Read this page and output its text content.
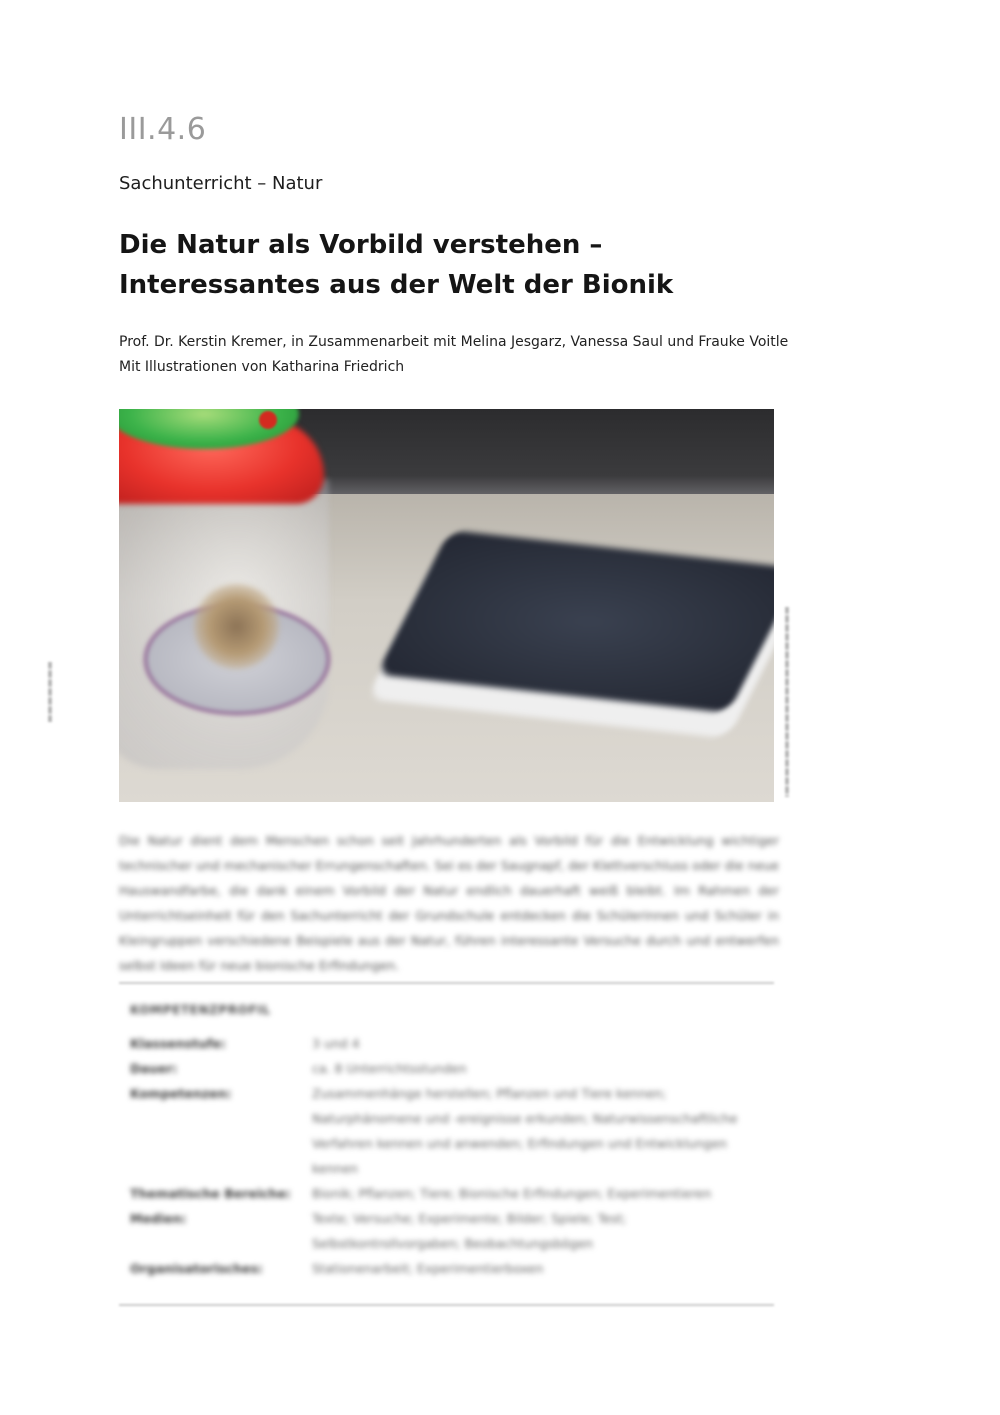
III.4.6
Sachunterricht – Natur
Die Natur als Vorbild verstehen –
Interessantes aus der Welt der Bionik
Prof. Dr. Kerstin Kremer, in Zusammenarbeit mit Melina Jesgarz, Vanessa Saul und Frauke Voitle
Mit Illustrationen von Katharina Friedrich
Die Natur dient dem Menschen schon seit Jahrhunderten als Vorbild für die Entwicklung wichtiger technischer und mechanischer Errungenschaften. Sei es der Saugnapf, der Klettverschluss oder die neue Hauswandfarbe, die dank einem Vorbild der Natur endlich dauerhaft weiß bleibt. Im Rahmen der Unterrichtseinheit für den Sachunterricht der Grundschule entdecken die Schülerinnen und Schüler in Kleingruppen verschiedene Beispiele aus der Natur, führen interessante Versuche durch und entwerfen selbst Ideen für neue bionische Erfindungen.
KOMPETENZPROFIL
Klassenstufe:	3 und 4
Dauer:	ca. 8 Unterrichtsstunden
Kompetenzen:	Zusammenhänge herstellen; Pflanzen und Tiere kennen; Naturphänomene und -ereignisse erkunden; Naturwissenschaftliche Verfahren kennen und anwenden; Erfindungen und Entwicklungen kennen
Thematische Bereiche:	Bionik; Pflanzen; Tiere; Bionische Erfindungen; Experimentieren
Medien:	Texte; Versuche; Experimente; Bilder; Spiele; Test; Selbstkontrollvorgaben; Beobachtungsbögen
Organisatorisches:	Stationenarbeit; Experimentierboxen
